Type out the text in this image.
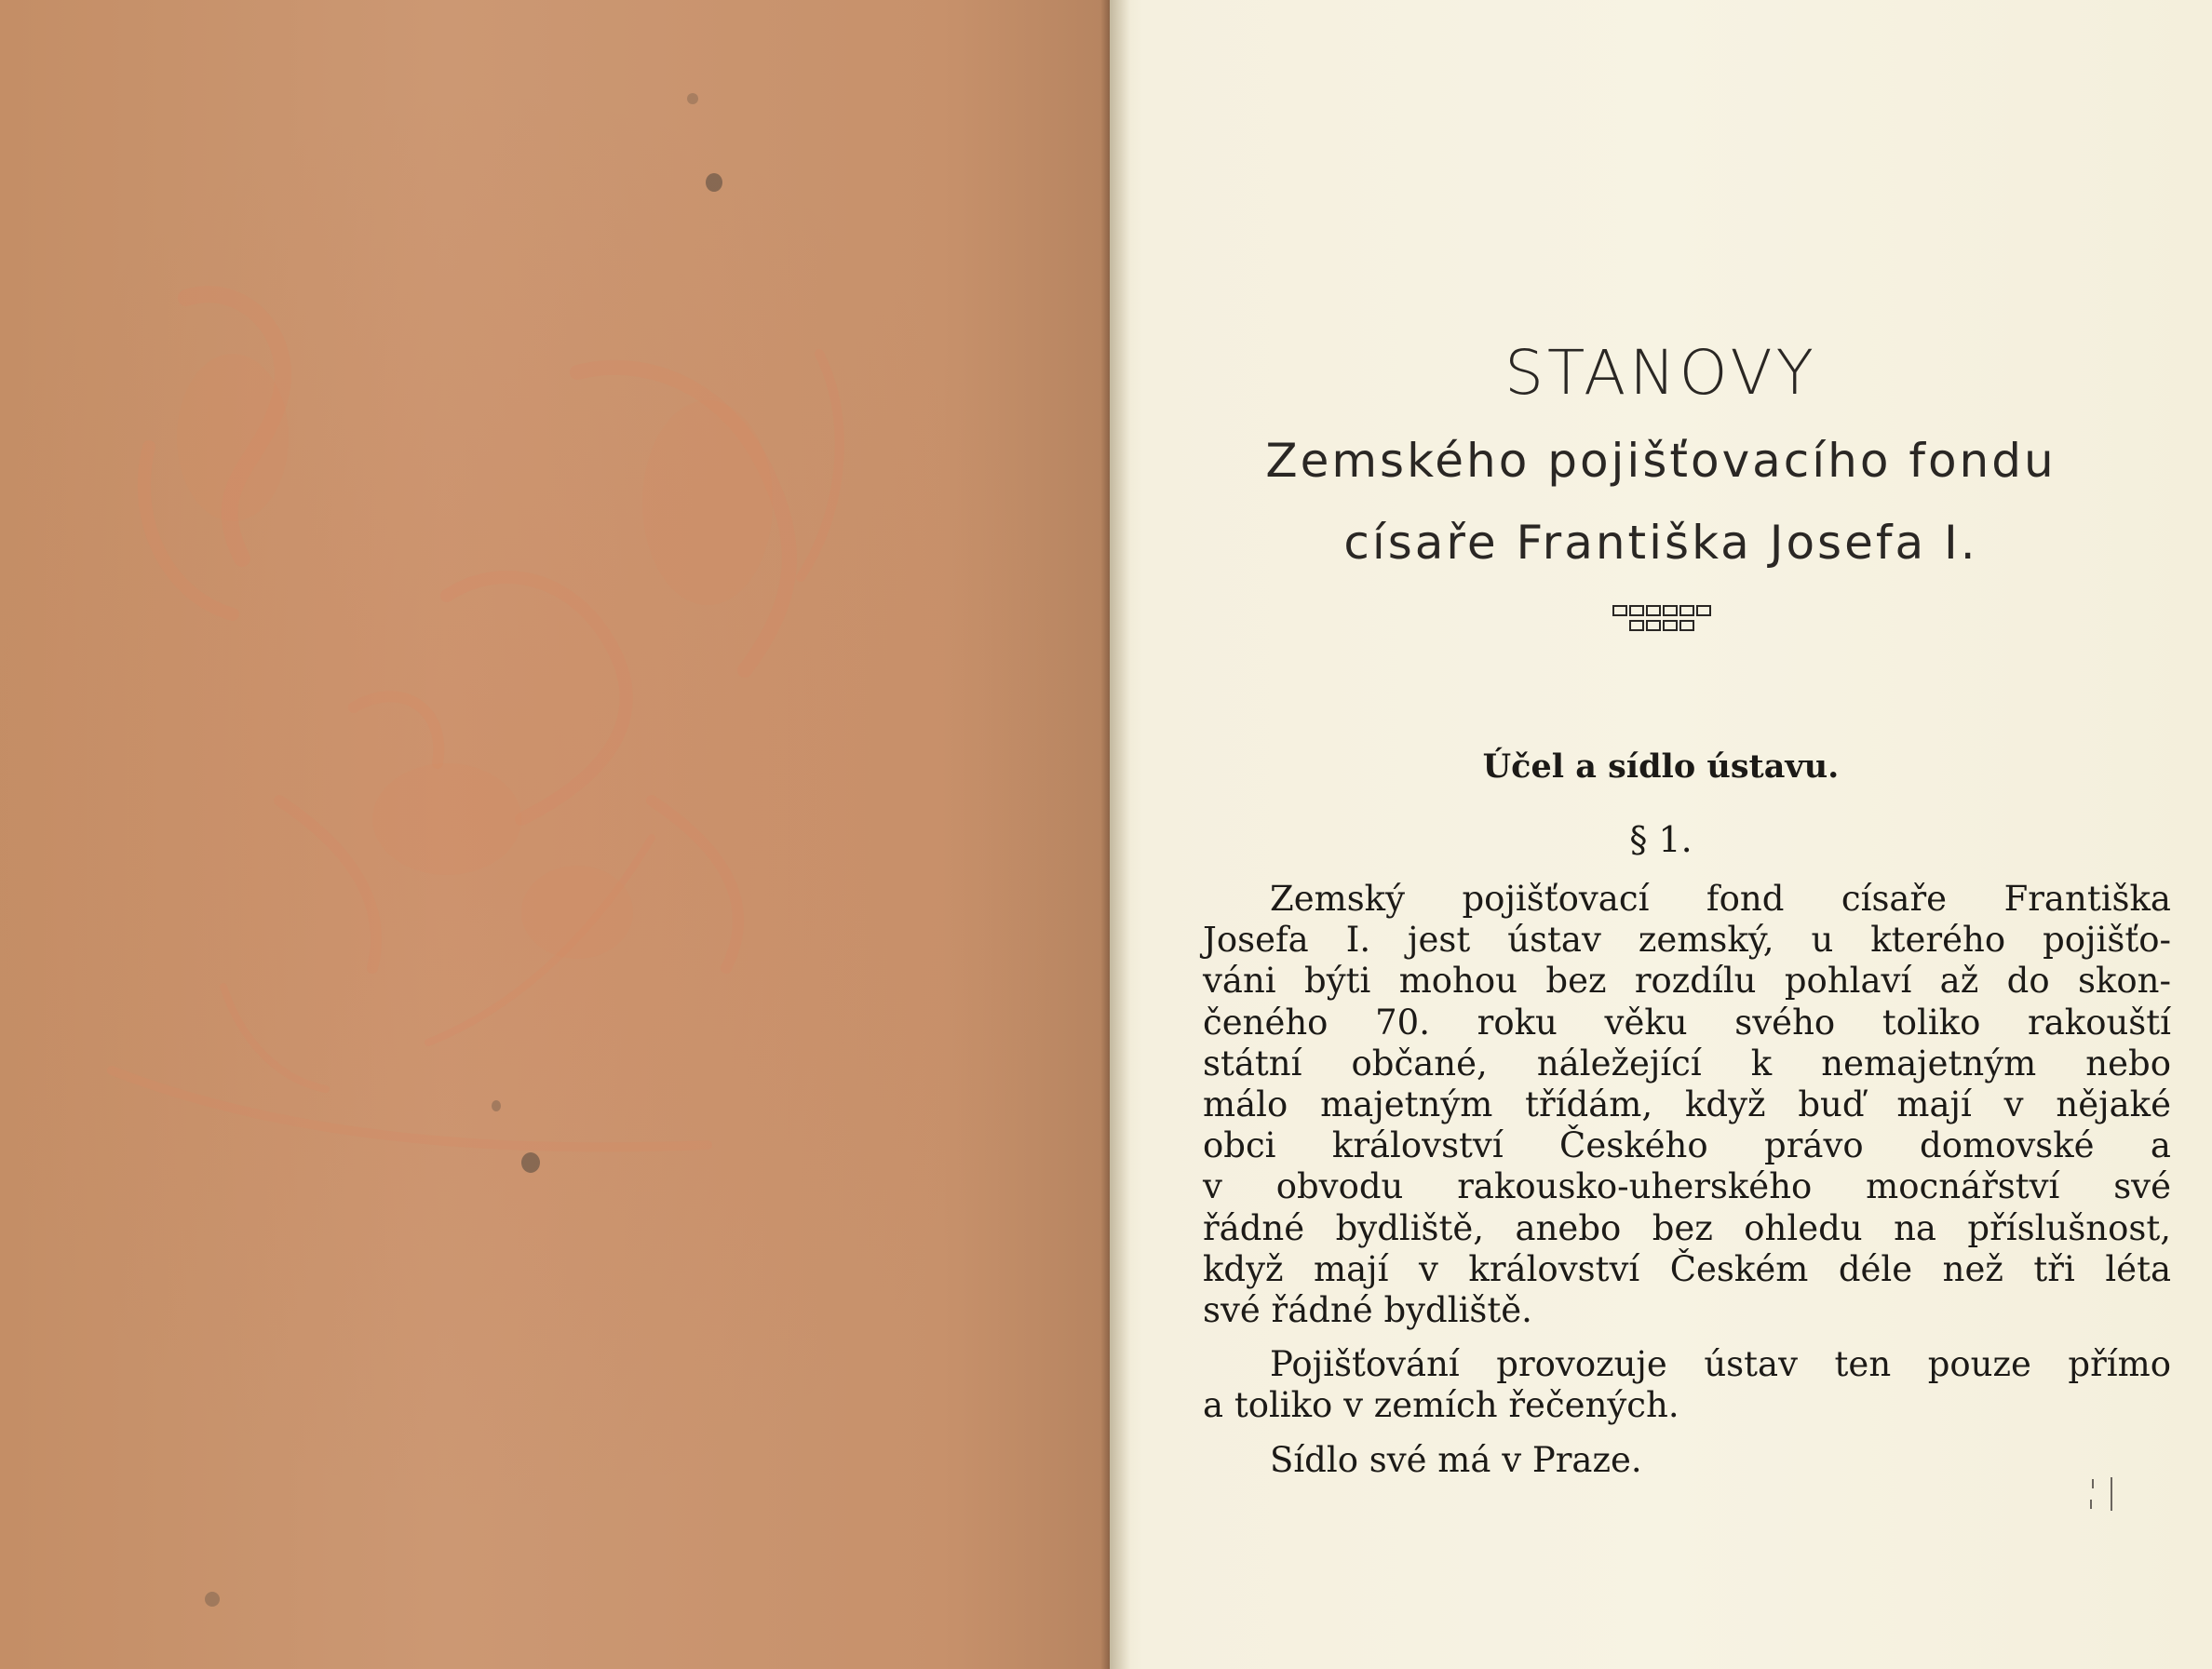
STANOVY
Zemského pojišťovacího fondu
císaře Františka Josefa I.
Účel a sídlo ústavu.
§ 1.
Zemský pojišťovací fond císaře Františka
Josefa I. jest ústav zemský, u kterého pojišťo-
váni býti mohou bez rozdílu pohlaví až do skon-
čeného 70. roku věku svého toliko rakouští
státní občané, náležející k nemajetným nebo
málo majetným třídám, když buď mají v nějaké
obci království Českého právo domovské a
v obvodu rakousko-uherského mocnářství své
řádné bydliště, anebo bez ohledu na příslušnost,
když mají v království Českém déle než tři léta
své řádné bydliště.
Pojišťování provozuje ústav ten pouze přímo
a toliko v zemích řečených.
Sídlo své má v Praze.
